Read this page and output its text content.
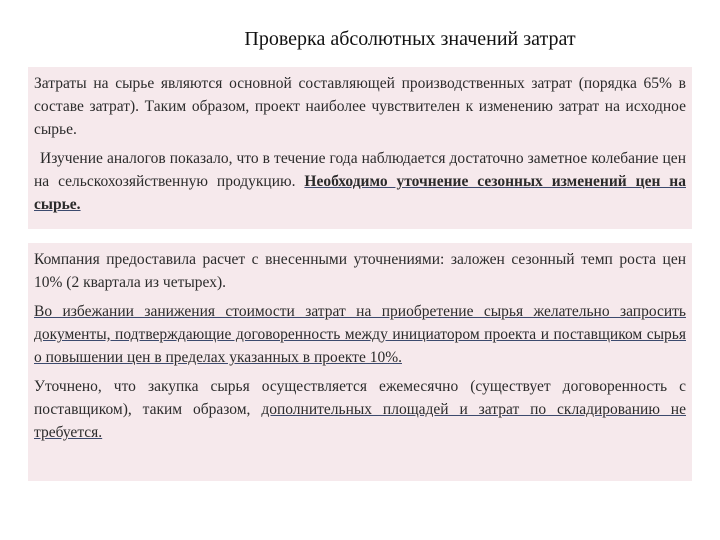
Проверка абсолютных значений затрат

Затраты на сырье являются основной составляющей производственных затрат (порядка 65% в составе затрат). Таким образом, проект наиболее чувствителен к изменению затрат на исходное сырье.

Изучение аналогов показало, что в течение года наблюдается достаточно заметное колебание цен на сельскохозяйственную продукцию. Необходимо уточнение сезонных изменений цен на сырье.

Компания предоставила расчет с внесенными уточнениями: заложен сезонный темп роста цен 10% (2 квартала из четырех).

Во избежании занижения стоимости затрат на приобретение сырья желательно запросить документы, подтверждающие договоренность между инициатором проекта и поставщиком сырья о повышении цен в пределах указанных в проекте 10%.

Уточнено, что закупка сырья осуществляется ежемесячно (существует договоренность с поставщиком), таким образом, дополнительных площадей и затрат по складированию не требуется.
